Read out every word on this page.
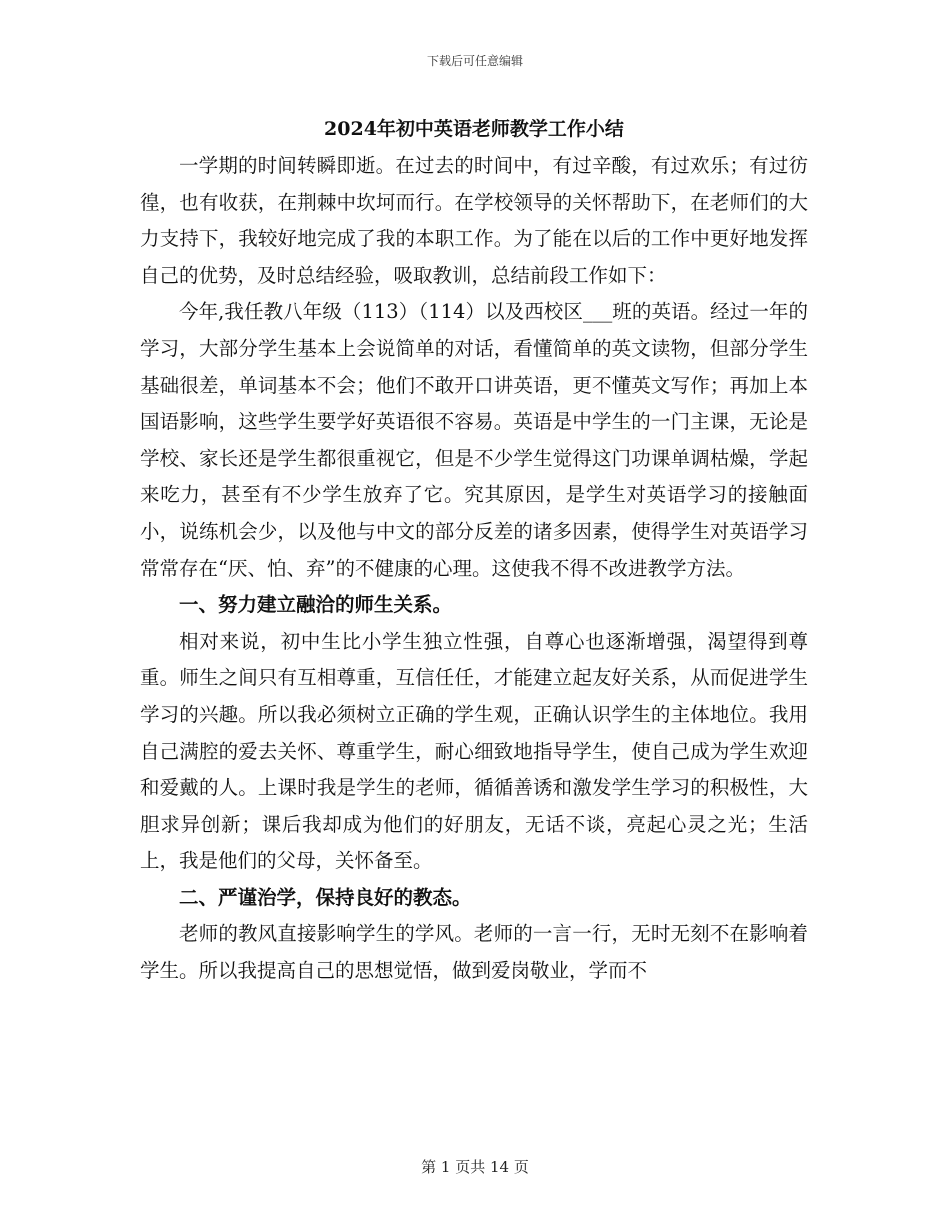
下载后可任意编辑
2024年初中英语老师教学工作小结

一学期的时间转瞬即逝。在过去的时间中，有过辛酸，有过欢乐；有过彷徨，也有收获，在荆棘中坎坷而行。在学校领导的关怀帮助下，在老师们的大力支持下，我较好地完成了我的本职工作。为了能在以后的工作中更好地发挥自己的优势，及时总结经验，吸取教训，总结前段工作如下：

今年,我任教八年级（113）（114）以及西校区___班的英语。经过一年的学习，大部分学生基本上会说简单的对话，看懂简单的英文读物，但部分学生基础很差，单词基本不会；他们不敢开口讲英语，更不懂英文写作；再加上本国语影响，这些学生要学好英语很不容易。英语是中学生的一门主课，无论是学校、家长还是学生都很重视它，但是不少学生觉得这门功课单调枯燥，学起来吃力，甚至有不少学生放弃了它。究其原因，是学生对英语学习的接触面小，说练机会少，以及他与中文的部分反差的诸多因素，使得学生对英语学习常常存在“厌、怕、弃”的不健康的心理。这使我不得不改进教学方法。

一、努力建立融洽的师生关系。

相对来说，初中生比小学生独立性强，自尊心也逐渐增强，渴望得到尊重。师生之间只有互相尊重，互信任任，才能建立起友好关系，从而促进学生学习的兴趣。所以我必须树立正确的学生观，正确认识学生的主体地位。我用自己满腔的爱去关怀、尊重学生，耐心细致地指导学生，使自己成为学生欢迎和爱戴的人。上课时我是学生的老师，循循善诱和激发学生学习的积极性，大胆求异创新；课后我却成为他们的好朋友，无话不谈，亮起心灵之光；生活上，我是他们的父母，关怀备至。

二、严谨治学，保持良好的教态。

老师的教风直接影响学生的学风。老师的一言一行，无时无刻不在影响着学生。所以我提高自己的思想觉悟，做到爱岗敬业，学而不

第 1 页共 14 页
